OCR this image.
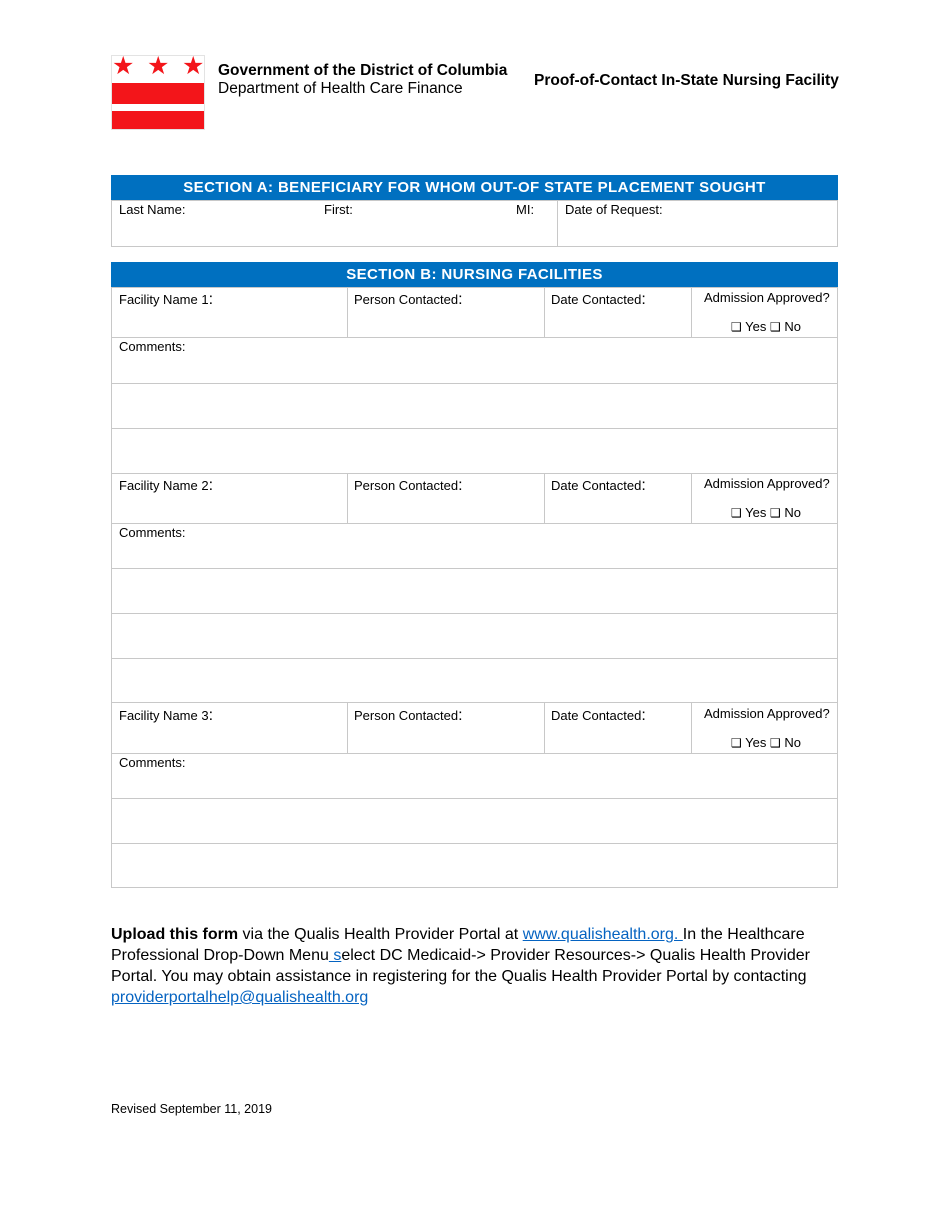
★ ★ ★ Government of the District of Columbia
Department of Health Care Finance	Proof-of-Contact In-State Nursing Facility
SECTION A: BENEFICIARY FOR WHOM OUT-OF STATE PLACEMENT SOUGHT
Last Name:	First:	MI: Date of Request:
SECTION B: NURSING FACILITIES
Facility Name 1:	Person Contacted:	Date Contacted:	Admission Approved?
❑ Yes ❑ No
Comments:
Facility Name 2:	Person Contacted:	Date Contacted:	Admission Approved?
❑ Yes ❑ No
Comments:
Facility Name 3:	Person Contacted:	Date Contacted:	Admission Approved?
❑ Yes ❑ No
Comments:
Upload this form via the Qualis Health Provider Portal at www.qualishealth.org. In the Healthcare Professional Drop-Down Menu select DC Medicaid-> Provider Resources-> Qualis Health Provider Portal. You may obtain assistance in registering for the Qualis Health Provider Portal by contacting
providerportalhelp@qualishealth.org
Revised September 11, 2019
